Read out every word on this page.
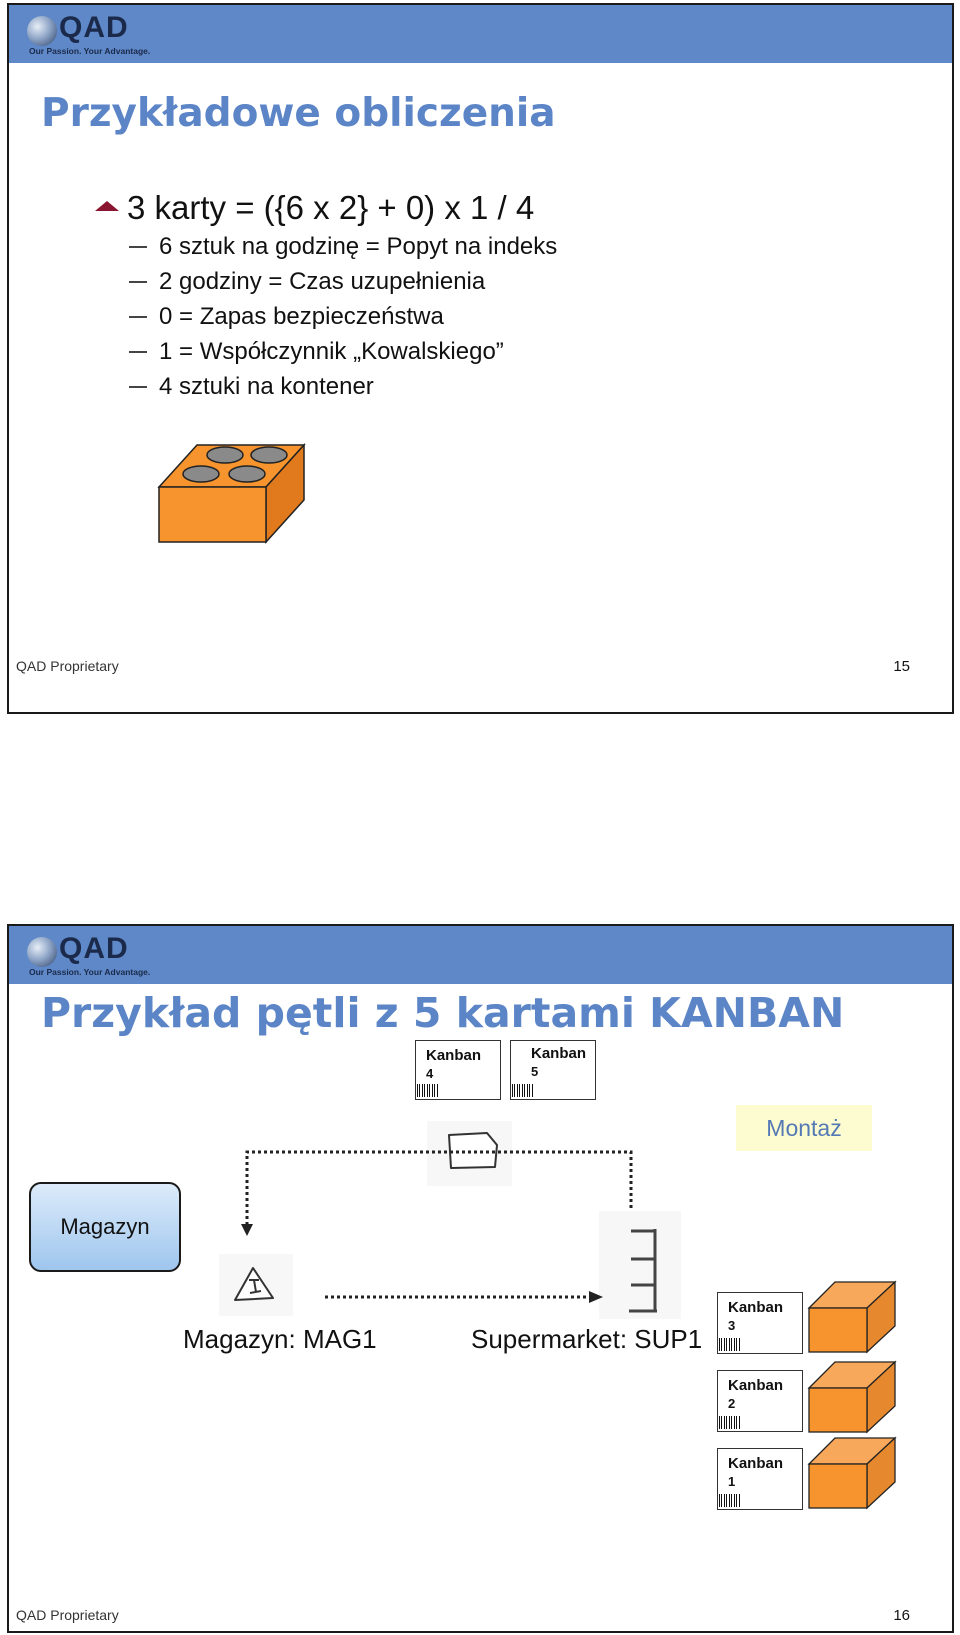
QAD
Our Passion. Your Advantage.
Przykładowe obliczenia
3 karty = ({6 x 2} + 0) x 1 / 4
6 sztuk na godzinę = Popyt na indeks
2 godziny = Czas uzupełnienia
0 = Zapas bezpieczeństwa
1 = Współczynnik „Kowalskiego”
4 sztuki na kontener
QAD Proprietary	15
QAD
Our Passion. Your Advantage.
Przykład pętli z 5 kartami KANBAN
Kanban
4
Kanban
5
Montaż
Magazyn
Magazyn: MAG1	Supermarket: SUP1
Kanban
3
Kanban
2
Kanban
1
QAD Proprietary	16
